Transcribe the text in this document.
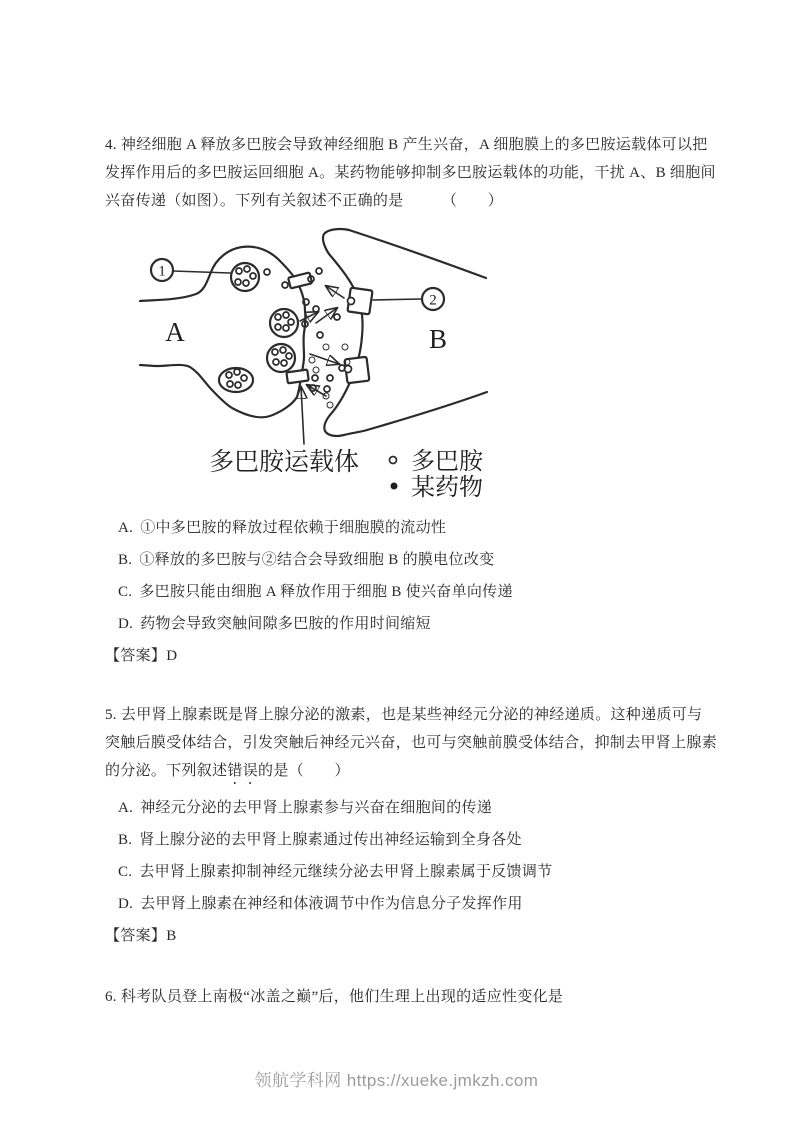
4. 神经细胞 A 释放多巴胺会导致神经细胞 B 产生兴奋，A 细胞膜上的多巴胺运载体可以把
发挥作用后的多巴胺运回细胞 A。某药物能够抑制多巴胺运载体的功能，干扰 A、B 细胞间
兴奋传递（如图）。下列有关叙述不正确的是　　　（　　）
1
2
A	B
多巴胺运载体 多巴胺
某药物
A. ①中多巴胺的释放过程依赖于细胞膜的流动性
B. ①释放的多巴胺与②结合会导致细胞 B 的膜电位改变
C. 多巴胺只能由细胞 A 释放作用于细胞 B 使兴奋单向传递
D. 药物会导致突触间隙多巴胺的作用时间缩短
【答案】 D
5. 去甲肾上腺素既是肾上腺分泌的激素，也是某些神经元分泌的神经递质。这种递质可与
突触后膜受体结合，引发突触后神经元兴奋，也可与突触前膜受体结合，抑制去甲肾上腺素
的分泌。下列叙述错误的是（　　）
A. 神经元分泌的去甲肾上腺素参与兴奋在细胞间的传递
B. 肾上腺分泌的去甲肾上腺素通过传出神经运输到全身各处
C. 去甲肾上腺素抑制神经元继续分泌去甲肾上腺素属于反馈调节
D. 去甲肾上腺素在神经和体液调节中作为信息分子发挥作用
【答案】 B
6. 科考队员登上南极“冰盖之巅”后，他们生理上出现的适应性变化是
领航学科网 https://xueke.jmkzh.com
